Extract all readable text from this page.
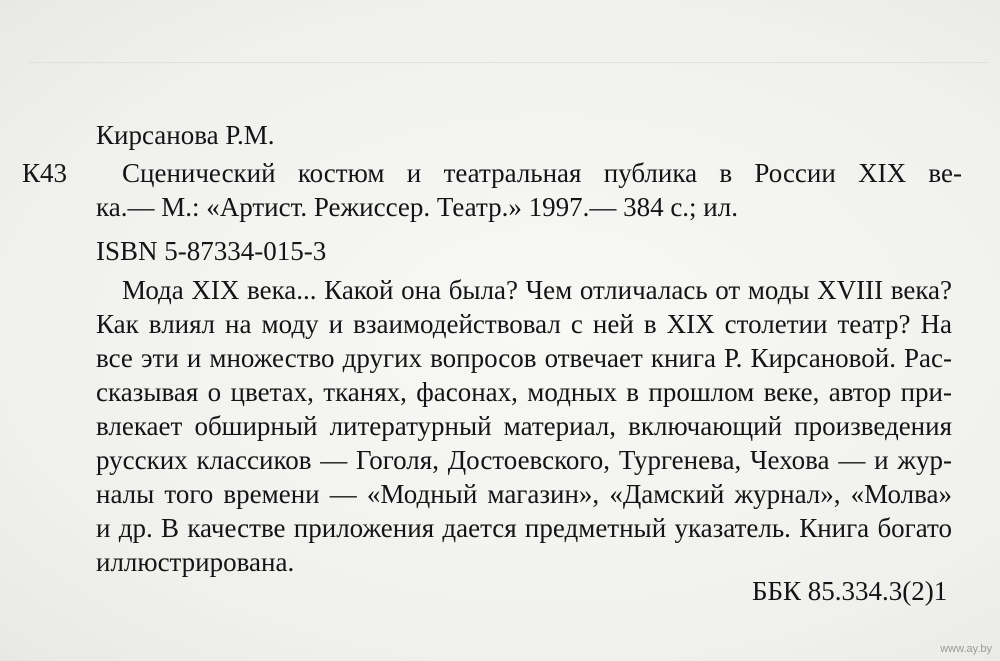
Кирсанова Р.М.
К43 Сценический костюм и театральная публика в России XIX ве-
ка.— М.: «Артист. Режиссер. Театр.» 1997.— 384 с.; ил.
ISBN 5-87334-015-3
Мода XIX века... Какой она была? Чем отличалась от моды XVIII века?
Как влиял на моду и взаимодействовал с ней в XIX столетии театр? На
все эти и множество других вопросов отвечает книга Р. Кирсановой. Рас-
сказывая о цветах, тканях, фасонах, модных в прошлом веке, автор при-
влекает обширный литературный материал, включающий произведения
русских классиков — Гоголя, Достоевского, Тургенева, Чехова — и жур-
налы того времени — «Модный магазин», «Дамский журнал», «Молва»
и др. В качестве приложения дается предметный указатель. Книга богато
иллюстрирована.
ББК 85.334.3(2)1
www.ay.by
